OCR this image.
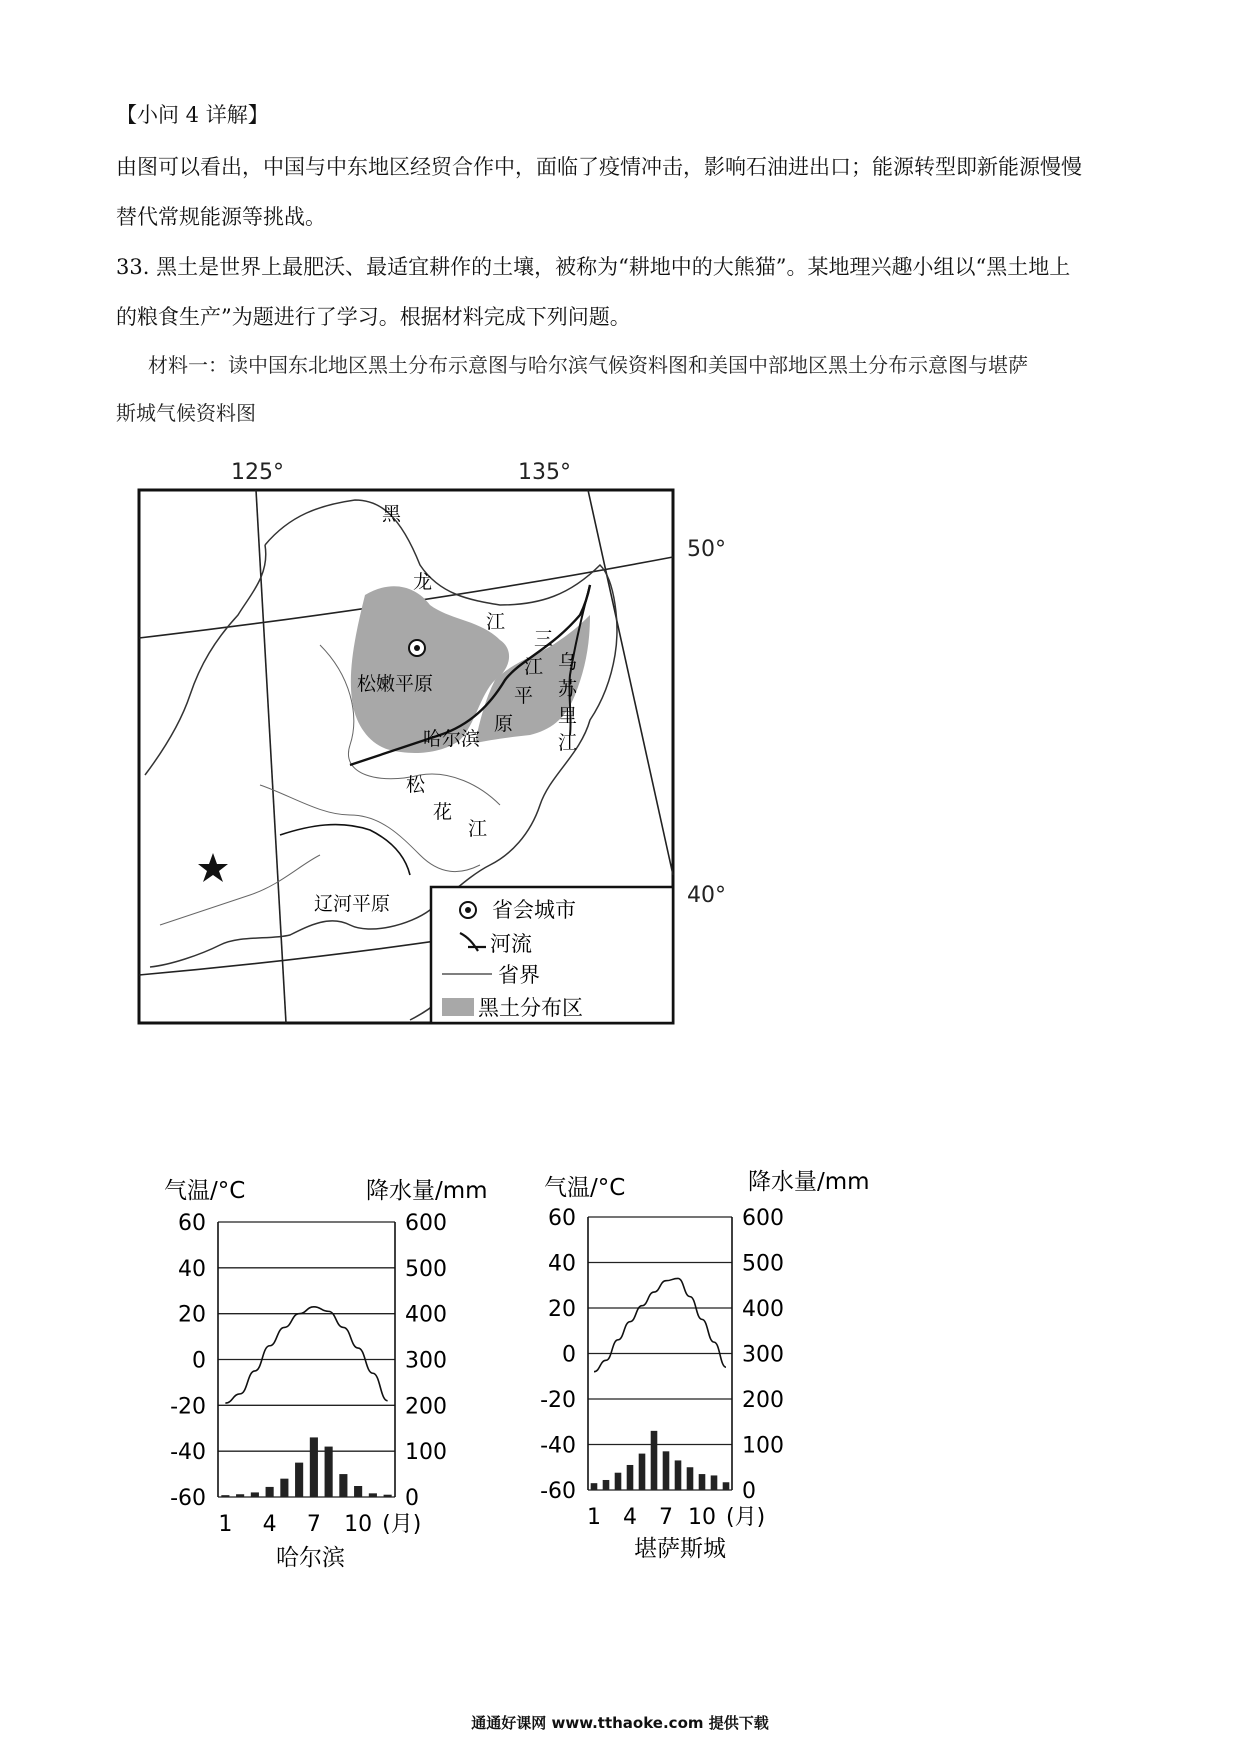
【小问 4 详解】
由图可以看出，中国与中东地区经贸合作中，面临了疫情冲击，影响石油进出口；能源转型即新能源慢慢
替代常规能源等挑战。
33. 黑土是世界上最肥沃、最适宜耕作的土壤，被称为“耕地中的大熊猫”。某地理兴趣小组以“黑土地上
的粮食生产”为题进行了学习。根据材料完成下列问题。
材料一：读中国东北地区黑土分布示意图与哈尔滨气候资料图和美国中部地区黑土分布示意图与堪萨
斯城气候资料图
125°	135°
50°
40°
黑
龙
江
松嫩平原
哈尔滨
三
江
平
原
乌
苏
里
江
松
花
江
辽河平原	省会城市
河流
省界
黑土分布区
气温/°C	降水量/mm
60	600
40	500
20	400
0	300
-20	200
-40	100
-60	0
1 4 7 10 (月)
哈尔滨
气温/°C	降水量/mm
60	600
40	500
20	400
0	300
-20	200
-40	100
-60	0
1 4 7 10 (月)
堪萨斯城
通通好课网 www.tthaoke.com 提供下载
